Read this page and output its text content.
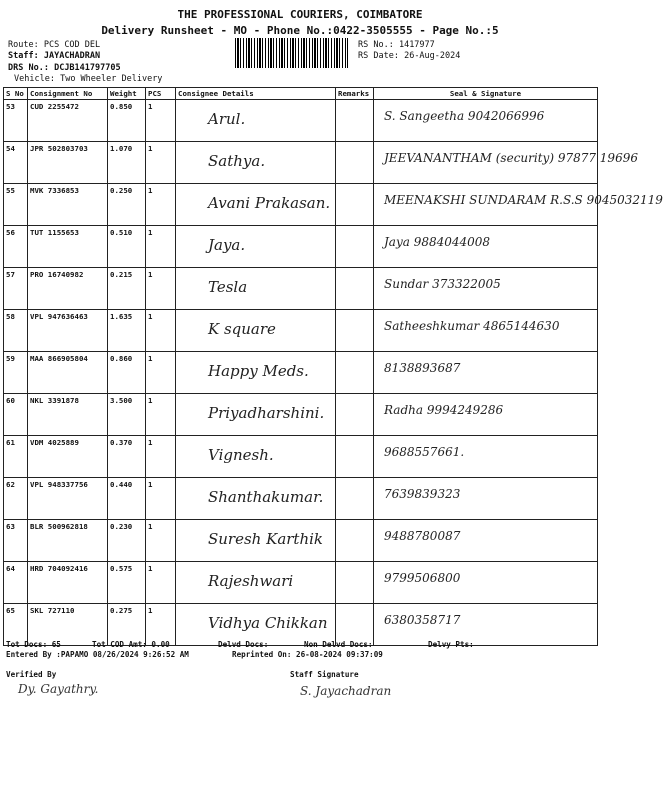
THE PROFESSIONAL COURIERS, COIMBATORE
Delivery Runsheet - MO - Phone No.:0422-3505555 - Page No.:5
Route: PCS COD DEL
Staff: JAYACHADRAN
DRS No.: DCJB141797705
Vehicle: Two Wheeler Delivery
RS No.: 1417977
RS Date: 26-Aug-2024
S No	Consignment No	Weight	PCS	Consignee Details	Remarks	Seal & Signature
53	CUD 2255472	0.850	1	Arul.		S. Sangeetha 9042066996

54	JPR 502803703	1.070	1	Sathya.		JEEVANANTHAM (security) 97877 19696

55	MVK 7336853	0.250	1	Avani Prakasan.		MEENAKSHI SUNDARAM R.S.S 9045032119

56	TUT 1155653	0.510	1	Jaya.		Jaya 9884044008

57	PRO 16740982	0.215	1	Tesla		Sundar 373322005

58	VPL 947636463	1.635	1	K square		Satheeshkumar 4865144630

59	MAA 866905804	0.860	1	Happy Meds.		8138893687

60	NKL 3391878	3.500	1	Priyadharshini.		Radha 9994249286

61	VDM 4025889	0.370	1	Vignesh.		9688557661.

62	VPL 948337756	0.440	1	Shanthakumar.		7639839323

63	BLR 500962818	0.230	1	Suresh Karthik		9488780087

64	HRD 704092416	0.575	1	Rajeshwari		9799506800

65	SKL 727110	0.275	1	Vidhya Chikkan		6380358717
Tot Docs: 65	Tot COD Amt: 0.00	Delvd Docs:	Non Delvd Docs:	Delvy Pts:
Entered By :PAPAMO 08/26/2024 9:26:52 AM	Reprinted On: 26-08-2024 09:37:09
Verified By
Dy. Gayathry.
Staff Signature
S. Jayachadran
